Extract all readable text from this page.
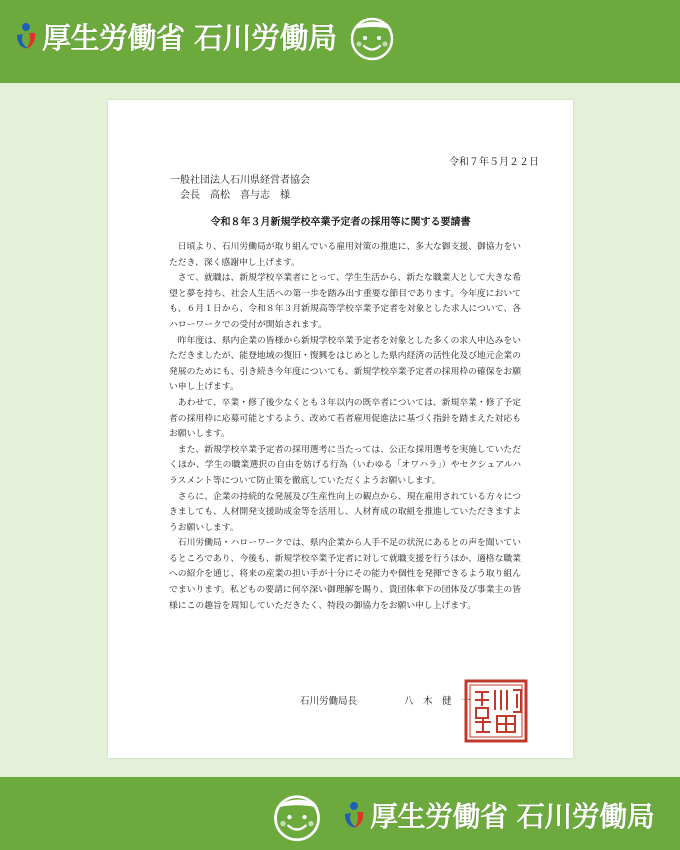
厚生労働省 石川労働局
令和７年５月２２日
一般社団法人石川県経営者協会
会長　高松　喜与志　様
令和８年３月新規学校卒業予定者の採用等に関する要請書

日頃より、石川労働局が取り組んでいる雇用対策の推進に、多大な御支援、御協力をいただき、深く感謝申し上げます。

さて、就職は、新規学校卒業者にとって、学生生活から、新たな職業人として大きな希望と夢を持ち、社会人生活への第一歩を踏み出す重要な節目であります。今年度においても、６月１日から、令和８年３月新規高等学校卒業予定者を対象とした求人について、各ハローワークでの受付が開始されます。

昨年度は、県内企業の皆様から新規学校卒業予定者を対象とした多くの求人申込みをいただきましたが、能登地域の復旧・復興をはじめとした県内経済の活性化及び地元企業の発展のためにも、引き続き今年度についても、新規学校卒業予定者の採用枠の確保をお願い申し上げます。

あわせて、卒業・修了後少なくとも３年以内の既卒者については、新規卒業・修了予定者の採用枠に応募可能とするよう、改めて若者雇用促進法に基づく指針を踏まえた対応もお願いします。

また、新規学校卒業予定者の採用選考に当たっては、公正な採用選考を実施していただくほか、学生の職業選択の自由を妨げる行為（いわゆる「オワハラ」）やセクシュアルハラスメント等について防止策を徹底していただくようお願いします。

さらに、企業の持続的な発展及び生産性向上の観点から、現在雇用されている方々につきましても、人材開発支援助成金等を活用し、人材育成の取組を推進していただきますようお願いします。

石川労働局・ハローワークでは、県内企業から人手不足の状況にあるとの声を聞いているところであり、今後も、新規学校卒業予定者に対して就職支援を行うほか、適格な職業への紹介を通じ、将来の産業の担い手が十分にその能力や個性を発揮できるよう取り組んでまいります。私どもの要請に何卒深い御理解を賜り、貴団体傘下の団体及び事業主の皆様にこの趣旨を周知していただきたく、特段の御協力をお願い申し上げます。

石川労働局長	八　木　健　一
厚生労働省 石川労働局
